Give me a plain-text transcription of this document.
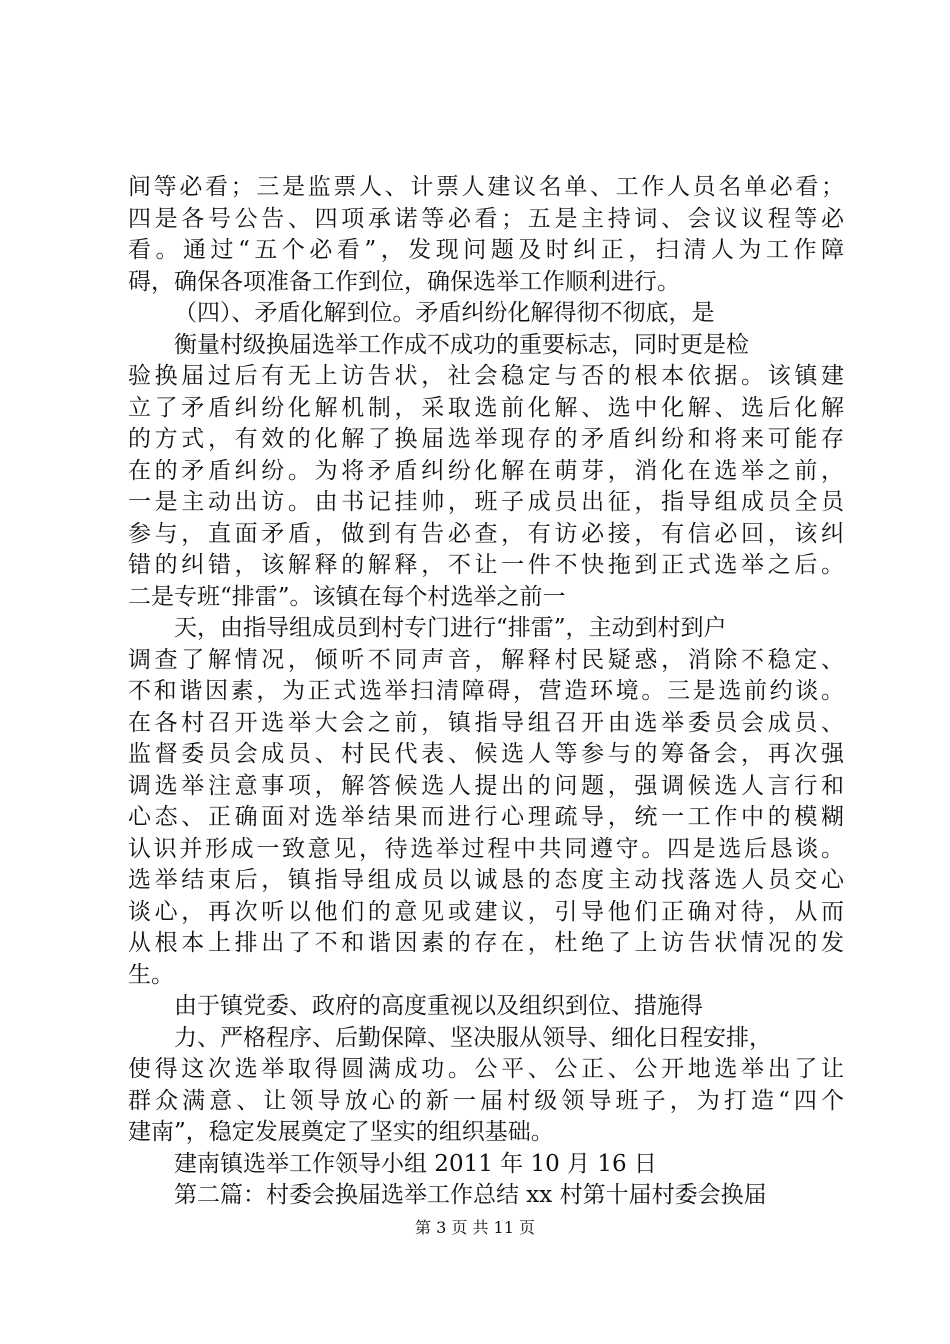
间等必看；三是监票人、计票人建议名单、工作人员名单必看；
四是各号公告、四项承诺等必看；五是主持词、会议议程等必
看。通过“五个必看”，发现问题及时纠正，扫清人为工作障
碍，确保各项准备工作到位，确保选举工作顺利进行。
（四）、矛盾化解到位。矛盾纠纷化解得彻不彻底，是
衡量村级换届选举工作成不成功的重要标志，同时更是检
验换届过后有无上访告状，社会稳定与否的根本依据。该镇建
立了矛盾纠纷化解机制，采取选前化解、选中化解、选后化解
的方式，有效的化解了换届选举现存的矛盾纠纷和将来可能存
在的矛盾纠纷。为将矛盾纠纷化解在萌芽，消化在选举之前，
一是主动出访。由书记挂帅，班子成员出征，指导组成员全员
参与，直面矛盾，做到有告必查，有访必接，有信必回，该纠
错的纠错，该解释的解释，不让一件不快拖到正式选举之后。
二是专班“排雷”。该镇在每个村选举之前一
天，由指导组成员到村专门进行“排雷”，主动到村到户
调查了解情况，倾听不同声音，解释村民疑惑，消除不稳定、
不和谐因素，为正式选举扫清障碍，营造环境。三是选前约谈。
在各村召开选举大会之前，镇指导组召开由选举委员会成员、
监督委员会成员、村民代表、候选人等参与的筹备会，再次强
调选举注意事项，解答候选人提出的问题，强调候选人言行和
心态、正确面对选举结果而进行心理疏导，统一工作中的模糊
认识并形成一致意见，待选举过程中共同遵守。四是选后恳谈。
选举结束后，镇指导组成员以诚恳的态度主动找落选人员交心
谈心，再次听以他们的意见或建议，引导他们正确对待，从而
从根本上排出了不和谐因素的存在，杜绝了上访告状情况的发
生。
由于镇党委、政府的高度重视以及组织到位、措施得
力、严格程序、后勤保障、坚决服从领导、细化日程安排，
使得这次选举取得圆满成功。公平、公正、公开地选举出了让
群众满意、让领导放心的新一届村级领导班子，为打造“四个
建南”，稳定发展奠定了坚实的组织基础。
建南镇选举工作领导小组 2011 年 10 月 16 日
第二篇：村委会换届选举工作总结 xx 村第十届村委会换届
第 3 页 共 11 页
